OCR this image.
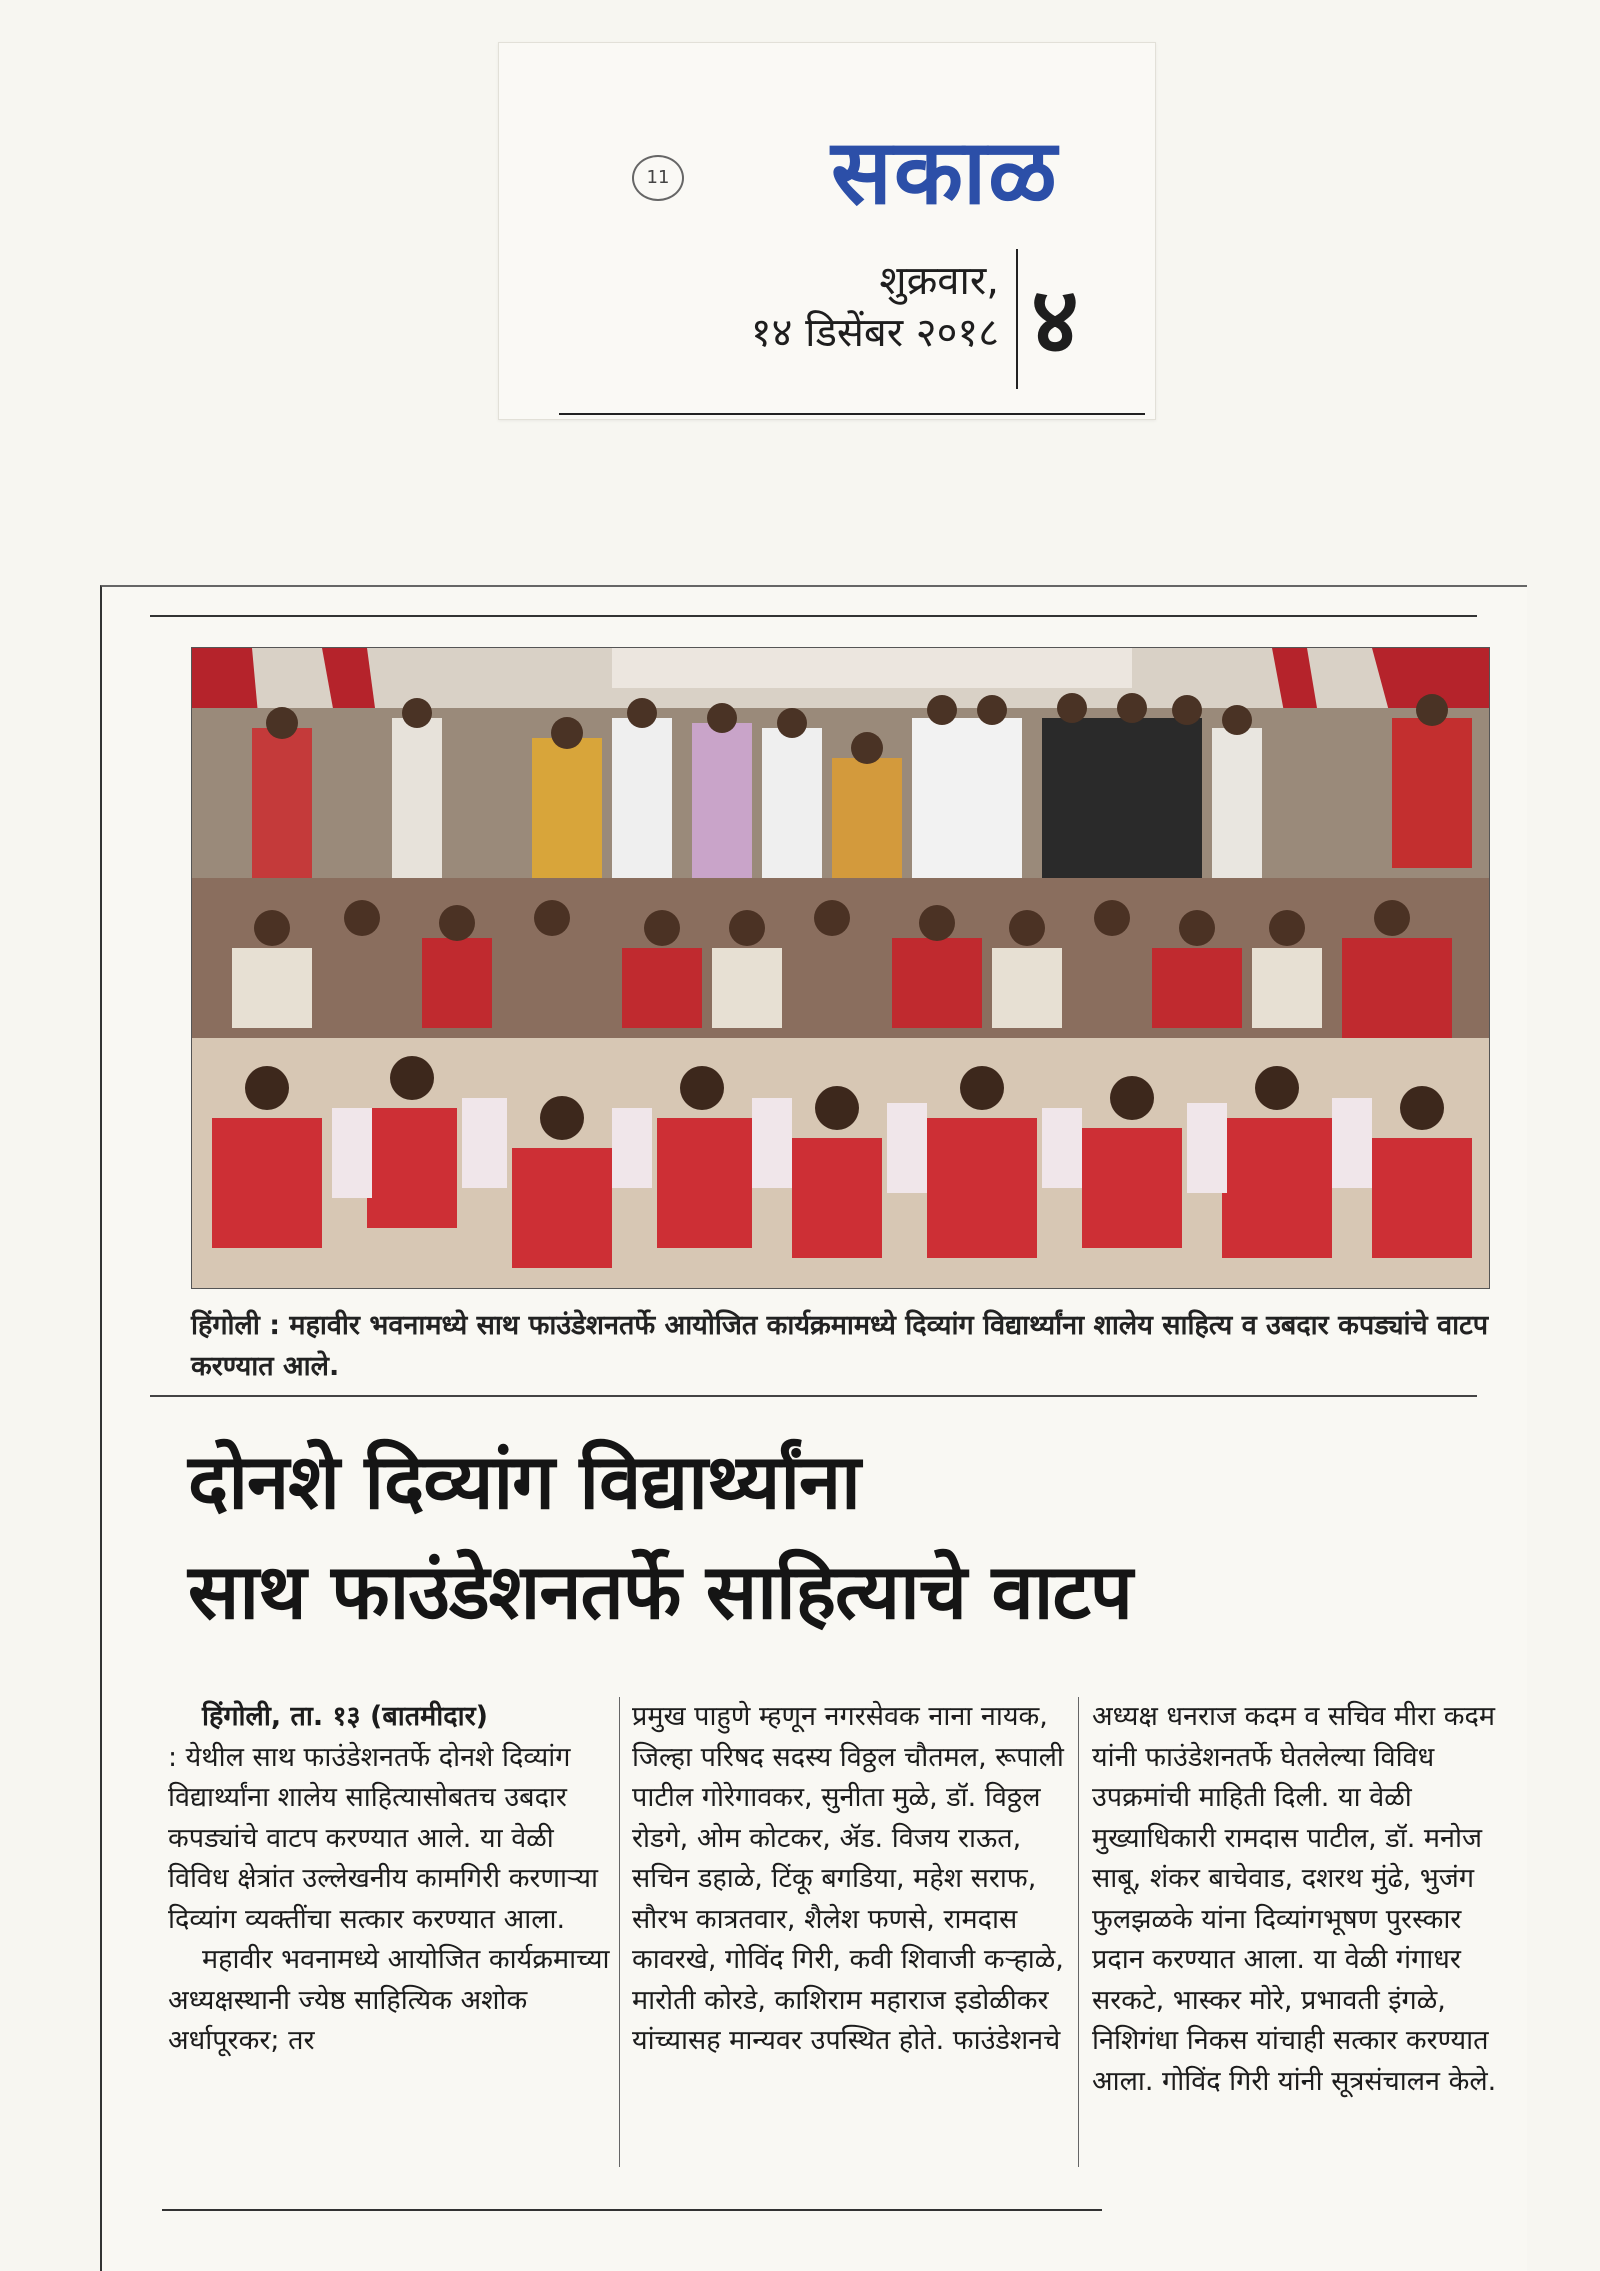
11 सकाळ
शुक्रवार,
१४ डिसेंबर २०१८ ४
हिंगोली : महावीर भवनामध्ये साथ फाउंडेशनतर्फे आयोजित कार्यक्रमामध्ये दिव्यांग विद्यार्थ्यांना शालेय साहित्य व उबदार कपड्यांचे वाटप करण्यात आले.
दोनशे दिव्यांग विद्यार्थ्यांना
साथ फाउंडेशनतर्फे साहित्याचे वाटप

हिंगोली, ता. १३ (बातमीदार)

: येथील साथ फाउंडेशनतर्फे दोनशे दिव्यांग विद्यार्थ्यांना शालेय साहित्यासोबतच उबदार कपड्यांचे वाटप करण्यात आले. या वेळी विविध क्षेत्रांत उल्लेखनीय कामगिरी करणाऱ्या दिव्यांग व्यक्तींचा सत्कार करण्यात आला.

महावीर भवनामध्ये आयोजित कार्यक्रमाच्या अध्यक्षस्थानी ज्येष्ठ साहित्यिक अशोक अर्धापूरकर; तर

प्रमुख पाहुणे म्हणून नगरसेवक नाना नायक, जिल्हा परिषद सदस्य विठ्ठल चौतमल, रूपाली पाटील गोरेगावकर, सुनीता मुळे, डॉ. विठ्ठल रोडगे, ओम कोटकर, ॲड. विजय राऊत, सचिन डहाळे, टिंकू बगडिया, महेश सराफ, सौरभ कात्रतवार, शैलेश फणसे, रामदास कावरखे, गोविंद गिरी, कवी शिवाजी कऱ्हाळे, मारोती कोरडे, काशिराम महाराज इडोळीकर यांच्यासह मान्यवर उपस्थित होते. फाउंडेशनचे

अध्यक्ष धनराज कदम व सचिव मीरा कदम यांनी फाउंडेशनतर्फे घेतलेल्या विविध उपक्रमांची माहिती दिली. या वेळी मुख्याधिकारी रामदास पाटील, डॉ. मनोज साबू, शंकर बाचेवाड, दशरथ मुंढे, भुजंग फुलझळके यांना दिव्यांगभूषण पुरस्कार प्रदान करण्यात आला. या वेळी गंगाधर सरकटे, भास्कर मोरे, प्रभावती इंगळे, निशिगंधा निकस यांचाही सत्कार करण्यात आला. गोविंद गिरी यांनी सूत्रसंचालन केले.
